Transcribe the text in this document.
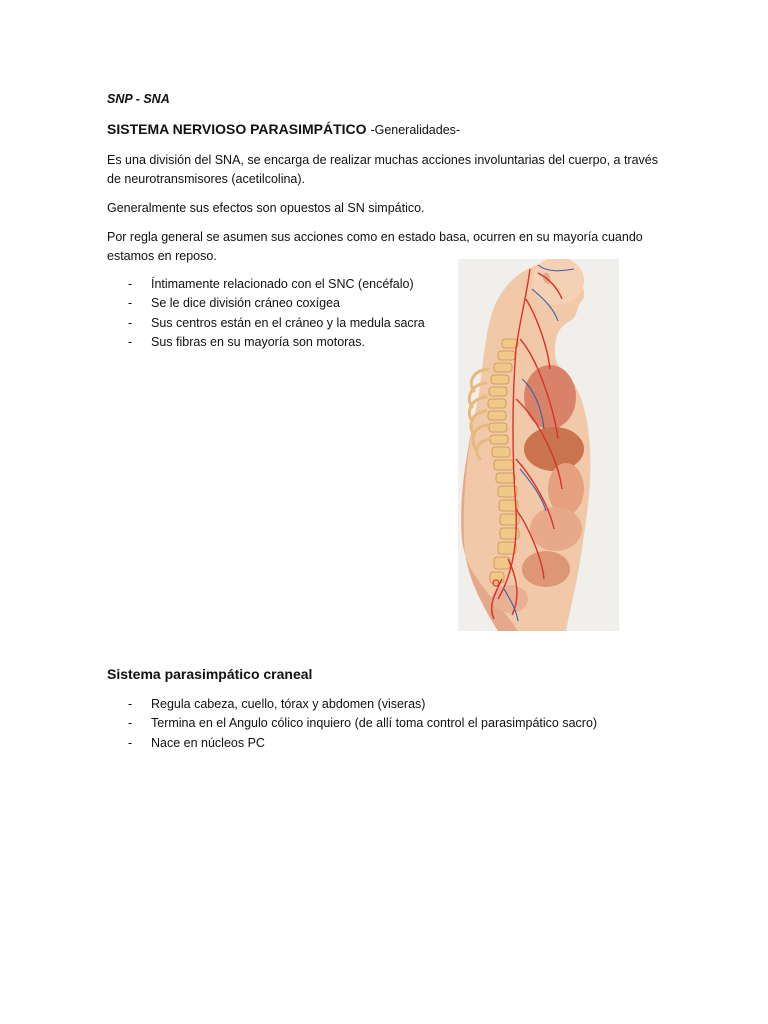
SNP - SNA
SISTEMA NERVIOSO PARASIMPÁTICO -Generalidades-
Es una división del SNA, se encarga de realizar muchas acciones involuntarias del cuerpo, a través de neurotransmisores (acetilcolina).
Generalmente sus efectos son opuestos al SN simpático.
Por regla general se asumen sus acciones como en estado basa, ocurren en su mayoría cuando estamos en reposo.
- Íntimamente relacionado con el SNC (encéfalo)
- Se le dice división cráneo coxígea
- Sus centros están en el cráneo y la medula sacra
- Sus fibras en su mayoría son motoras.
Sistema parasimpático craneal
- Regula cabeza, cuello, tórax y abdomen (viseras)
- Termina en el Angulo cólico inquiero (de allí toma control el parasimpático sacro)
- Nace en núcleos PC
